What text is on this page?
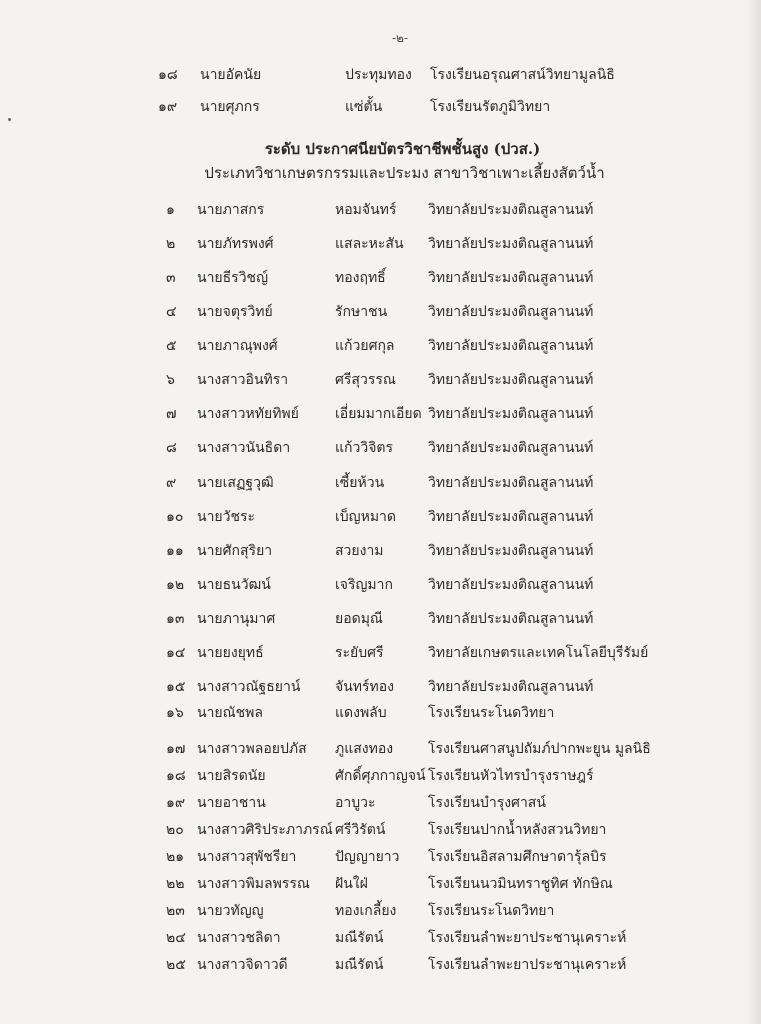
-๒-
๑๘ นายอัคนัย	ประทุมทอง โรงเรียนอรุณศาสน์วิทยามูลนิธิ
๑๙ นายศุภกร	แซ่ตั้น	โรงเรียนรัตภูมิวิทยา
ระดับ ประกาศนียบัตรวิชาชีพชั้นสูง (ปวส.)
ประเภทวิชาเกษตรกรรมและประมง สาขาวิชาเพาะเลี้ยงสัตว์น้ำ
๑ นายภาสกร	หอมจันทร์ วิทยาลัยประมงติณสูลานนท์
๒ นายภัทรพงศ์	แสละหะสัน วิทยาลัยประมงติณสูลานนท์
๓ นายธีรวิชญ์	ทองฤทธิ์	วิทยาลัยประมงติณสูลานนท์
๔ นายจตุรวิทย์	รักษาชน	วิทยาลัยประมงติณสูลานนท์
๕ นายภาณุพงศ์	แก้วยศกุล วิทยาลัยประมงติณสูลานนท์
๖ นางสาวอินทิรา	ศรีสุวรรณ วิทยาลัยประมงติณสูลานนท์
๗ นางสาวหทัยทิพย์	เอี่ยมมากเอียด วิทยาลัยประมงติณสูลานนท์
๘ นางสาวนันธิดา	แก้ววิจิตร วิทยาลัยประมงติณสูลานนท์
๙ นายเสฏฐวุฒิ	เซี้ยห้วน	วิทยาลัยประมงติณสูลานนท์
๑๐ นายวัชระ	เบ็ญหมาด วิทยาลัยประมงติณสูลานนท์
๑๑ นายศักสุริยา	สวยงาม	วิทยาลัยประมงติณสูลานนท์
๑๒ นายธนวัฒน์	เจริญมาก วิทยาลัยประมงติณสูลานนท์
๑๓ นายภานุมาศ	ยอดมุณี	วิทยาลัยประมงติณสูลานนท์
๑๔ นายยงยุทธ์	ระยับศรี	วิทยาลัยเกษตรและเทคโนโลยีบุรีรัมย์
๑๕ นางสาวณัฐธยาน์ จันทร์ทอง วิทยาลัยประมงติณสูลานนท์
๑๖ นายณัชพล	แดงพลับ	โรงเรียนระโนดวิทยา
๑๗ นางสาวพลอยปภัส ภูแสงทอง โรงเรียนศาสนูปถัมภ์ปากพะยูน มูลนิธิ
๑๘ นายสิรดนัย	ศักดิ์ศุภกาญจน์ โรงเรียนหัวไทรบำรุงราษฎร์
๑๙ นายอาชาน	อาบูวะ	โรงเรียนบำรุงศาสน์
๒๐ นางสาวศิริประภาภรณ์ ศรีวิรัตน์	โรงเรียนปากน้ำหลังสวนวิทยา
๒๑ นางสาวสุพัชรียา	ปัญญายาว โรงเรียนอิสลามศึกษาดารุ้ลบิร
๒๒ นางสาวพิมลพรรณ ฝันใฝ่	โรงเรียนนวมินทราชูทิศ ทักษิณ
๒๓ นายวทัญญู	ทองเกลี้ยง โรงเรียนระโนดวิทยา
๒๔ นางสาวชลิดา	มณีรัตน์	โรงเรียนลำพะยาประชานุเคราะห์
๒๕ นางสาวจิดาวดี	มณีรัตน์	โรงเรียนลำพะยาประชานุเคราะห์
